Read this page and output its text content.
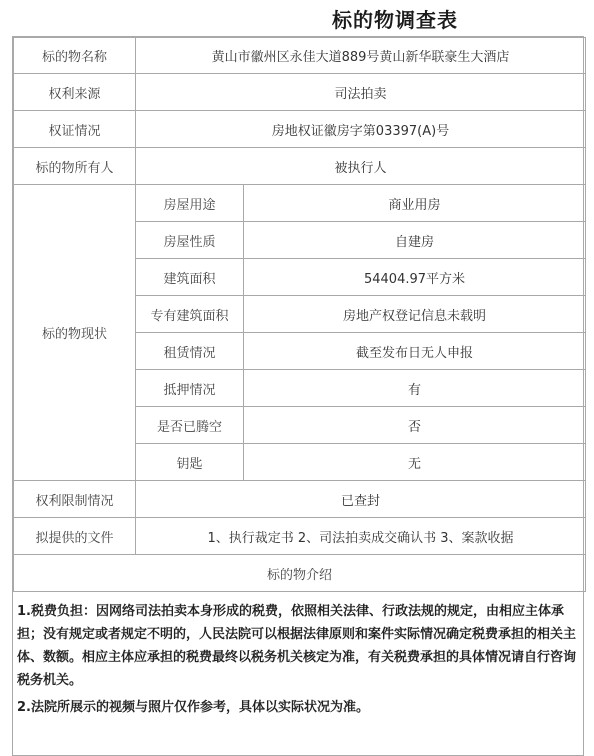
标的物调查表
标的物名称	黄山市徽州区永佳大道889号黄山新华联豪生大酒店	
权利来源	司法拍卖	
权证情况	房地权证徽房字第03397(A)号	
标的物所有人	被执行人	
标的物现状	房屋用途	商业用房
	房屋性质	自建房
	建筑面积	54404.97平方米
	专有建筑面积	房地产权登记信息未载明
	租赁情况	截至发布日无人申报
	抵押情况	有
	是否已腾空	否
	钥匙	无
权利限制情况	已查封	
拟提供的文件	1、执行裁定书 2、司法拍卖成交确认书 3、案款收据	
标的物介绍		

1.税费负担：因网络司法拍卖本身形成的税费，依照相关法律、行政法规的规定，由相应主体承担；没有规定或者规定不明的，人民法院可以根据法律原则和案件实际情况确定税费承担的相关主体、数额。相应主体应承担的税费最终以税务机关核定为准，有关税费承担的具体情况请自行咨询税务机关。

2.法院所展示的视频与照片仅作参考，具体以实际状况为准。
